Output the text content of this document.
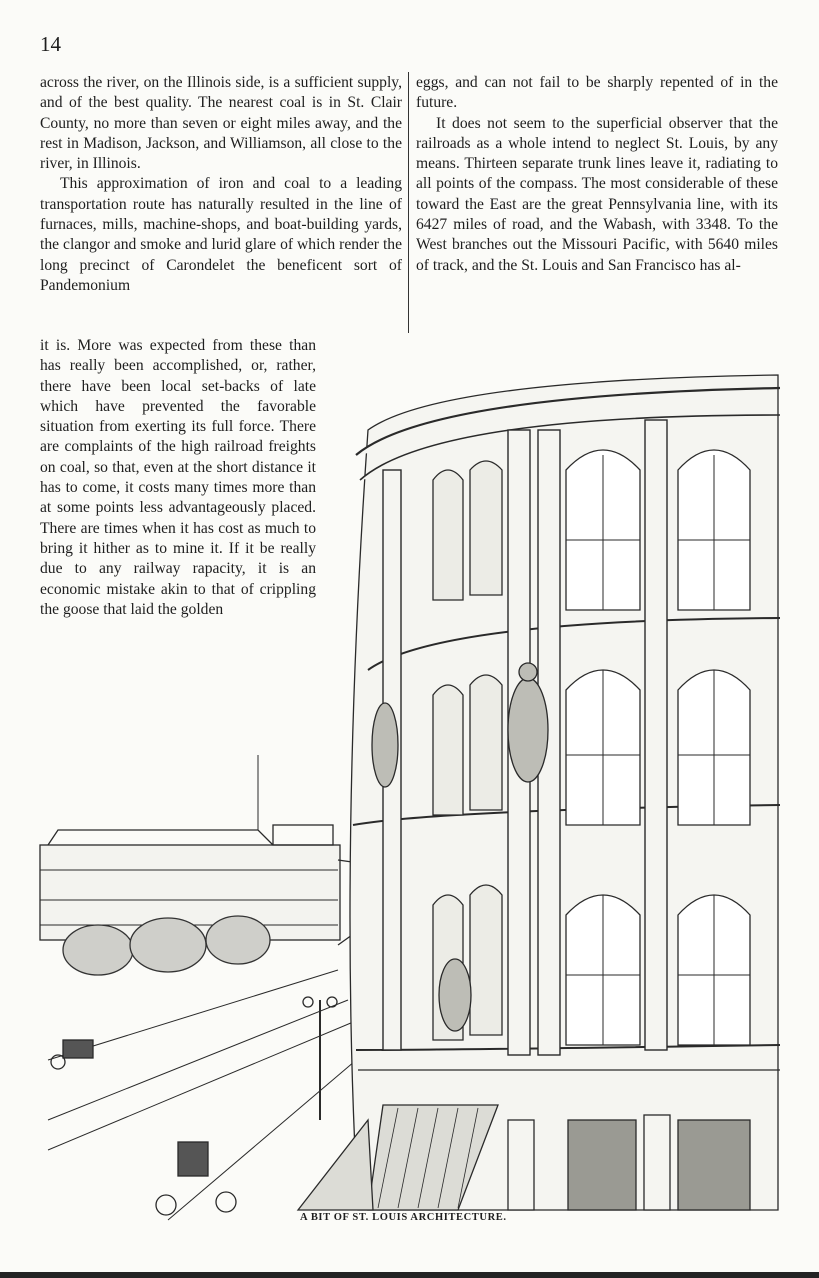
14

across the river, on the Illinois side, is a sufficient supply, and of the best quality. The nearest coal is in St. Clair County, no more than seven or eight miles away, and the rest in Madison, Jackson, and Williamson, all close to the river, in Illinois.

This approximation of iron and coal to a leading transportation route has naturally resulted in the line of furnaces, mills, machine-shops, and boat-building yards, the clangor and smoke and lurid glare of which render the long precinct of Carondelet the beneficent sort of Pandemonium

eggs, and can not fail to be sharply repented of in the future.

It does not seem to the superficial observer that the railroads as a whole intend to neglect St. Louis, by any means. Thirteen separate trunk lines leave it, radiating to all points of the compass. The most considerable of these toward the East are the great Pennsylvania line, with its 6427 miles of road, and the Wabash, with 3348. To the West branches out the Missouri Pacific, with 5640 miles of track, and the St. Louis and San Francisco has al-

it is. More was expected from these than has really been accomplished, or, rather, there have been local set-backs of late which have prevented the favorable situation from exerting its full force. There are complaints of the high railroad freights on coal, so that, even at the short distance it has to come, it costs many times more than at some points less advantageously placed. There are times when it has cost as much to bring it hither as to mine it. If it be really due to any railway rapacity, it is an economic mistake akin to that of crippling the goose that laid the golden

A BIT OF ST. LOUIS ARCHITECTURE.
